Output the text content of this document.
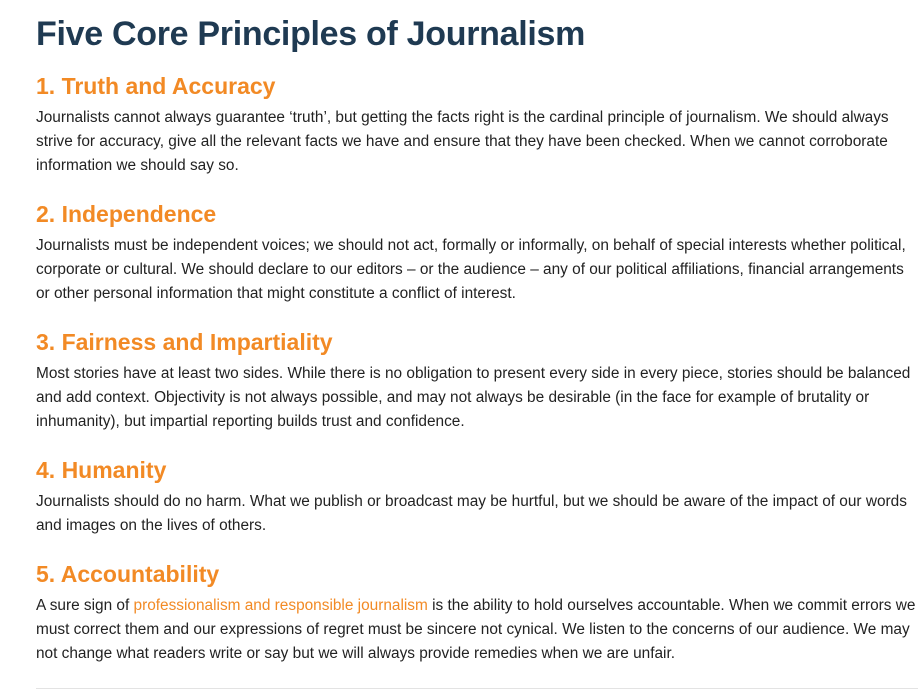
Five Core Principles of Journalism
1. Truth and Accuracy

Journalists cannot always guarantee ‘truth’, but getting the facts right is the cardinal principle of journalism. We should always strive for accuracy, give all the relevant facts we have and ensure that they have been checked. When we cannot corroborate information we should say so.

2. Independence

Journalists must be independent voices; we should not act, formally or informally, on behalf of special interests whether political, corporate or cultural. We should declare to our editors – or the audience – any of our political affiliations, financial arrangements or other personal information that might constitute a conflict of interest.

3. Fairness and Impartiality

Most stories have at least two sides. While there is no obligation to present every side in every piece, stories should be balanced and add context. Objectivity is not always possible, and may not always be desirable (in the face for example of brutality or inhumanity), but impartial reporting builds trust and confidence.

4. Humanity

Journalists should do no harm. What we publish or broadcast may be hurtful, but we should be aware of the impact of our words and images on the lives of others.

5. Accountability

A sure sign of professionalism and responsible journalism is the ability to hold ourselves accountable. When we commit errors we must correct them and our expressions of regret must be sincere not cynical. We listen to the concerns of our audience. We may not change what readers write or say but we will always provide remedies when we are unfair.
